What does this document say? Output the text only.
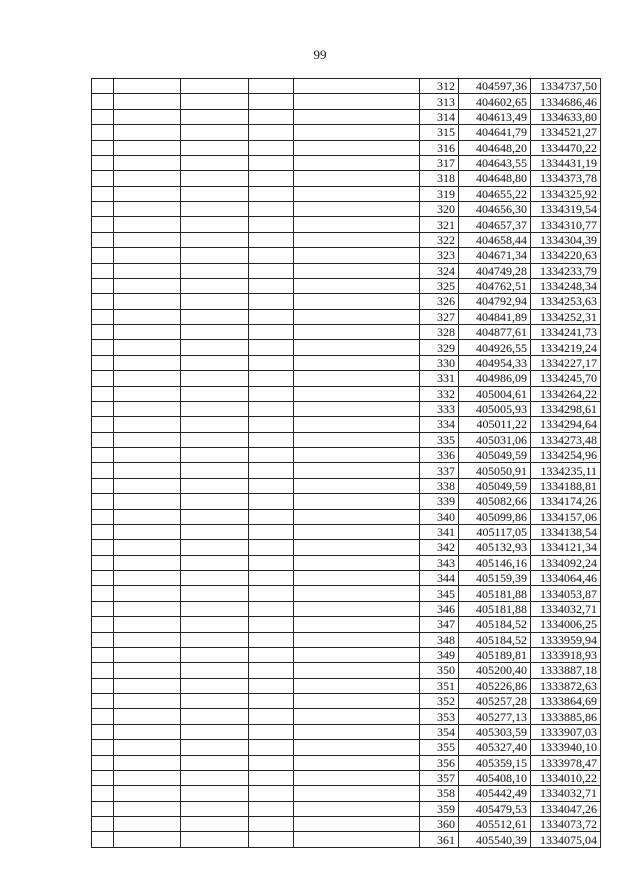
99
					312	404597,36	1334737,50
					313	404602,65	1334686,46
					314	404613,49	1334633,80
					315	404641,79	1334521,27
					316	404648,20	1334470,22
					317	404643,55	1334431,19
					318	404648,80	1334373,78
					319	404655,22	1334325,92
					320	404656,30	1334319,54
					321	404657,37	1334310,77
					322	404658,44	1334304,39
					323	404671,34	1334220,63
					324	404749,28	1334233,79
					325	404762,51	1334248,34
					326	404792,94	1334253,63
					327	404841,89	1334252,31
					328	404877,61	1334241,73
					329	404926,55	1334219,24
					330	404954,33	1334227,17
					331	404986,09	1334245,70
					332	405004,61	1334264,22
					333	405005,93	1334298,61
					334	405011,22	1334294,64
					335	405031,06	1334273,48
					336	405049,59	1334254,96
					337	405050,91	1334235,11
					338	405049,59	1334188,81
					339	405082,66	1334174,26
					340	405099,86	1334157,06
					341	405117,05	1334138,54
					342	405132,93	1334121,34
					343	405146,16	1334092,24
					344	405159,39	1334064,46
					345	405181,88	1334053,87
					346	405181,88	1334032,71
					347	405184,52	1334006,25
					348	405184,52	1333959,94
					349	405189,81	1333918,93
					350	405200,40	1333887,18
					351	405226,86	1333872,63
					352	405257,28	1333864,69
					353	405277,13	1333885,86
					354	405303,59	1333907,03
					355	405327,40	1333940,10
					356	405359,15	1333978,47
					357	405408,10	1334010,22
					358	405442,49	1334032,71
					359	405479,53	1334047,26
					360	405512,61	1334073,72
					361	405540,39	1334075,04
